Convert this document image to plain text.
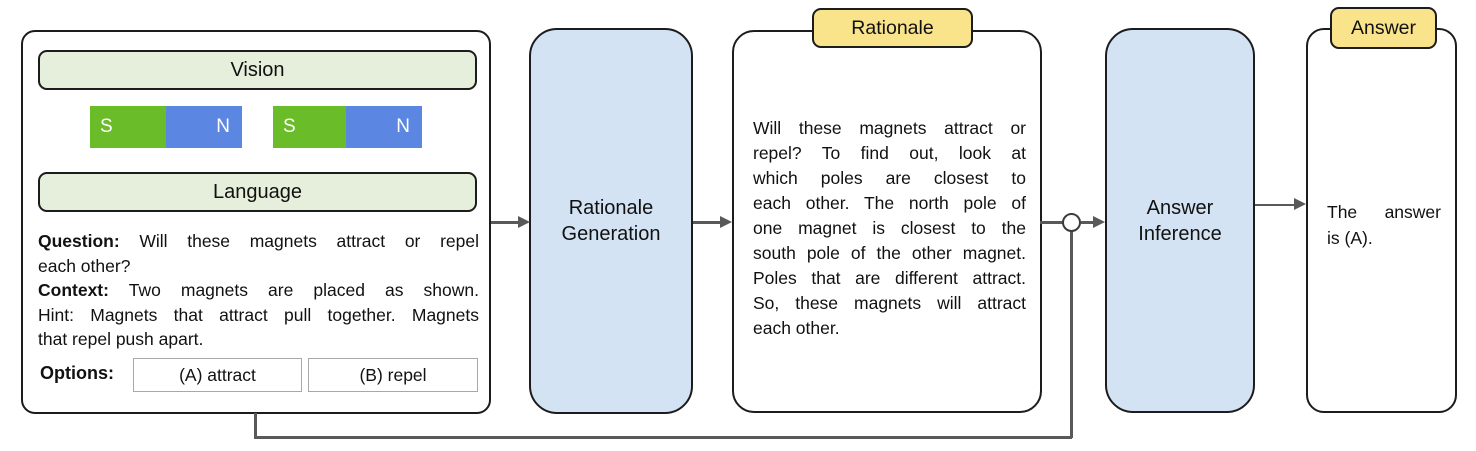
Vision
S	N	S	N
Language
Question: Will these magnets attract or repel
each other?
Context: Two magnets are placed as shown.
Hint: Magnets that attract pull together. Magnets
that repel push apart.
Options:	(A) attract	(B) repel
Rationale
Generation
Will these magnets attract or
repel? To find out, look at
which poles are closest to
each other. The north pole of
one magnet is closest to the
south pole of the other magnet.
Poles that are different attract.
So, these magnets will attract
each other.
Rationale
Answer
Inference
The answer
is (A).
Answer
